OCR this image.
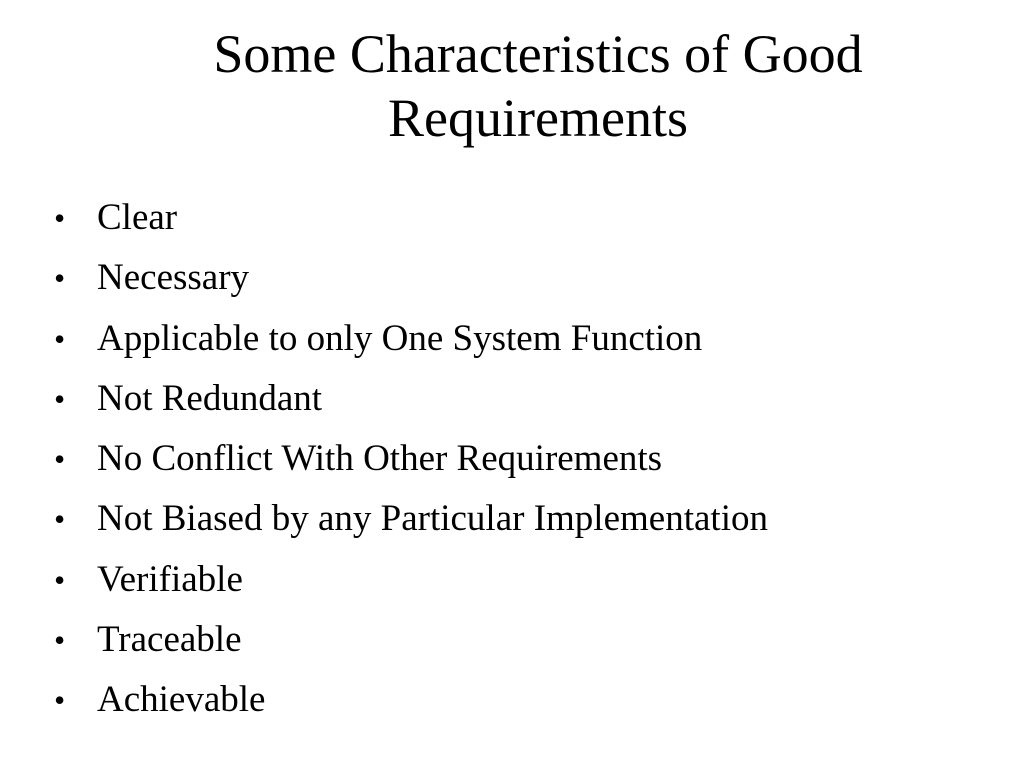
Some Characteristics of Good
Requirements
• Clear
• Necessary
• Applicable to only One System Function
• Not Redundant
• No Conflict With Other Requirements
• Not Biased by any Particular Implementation
• Verifiable
• Traceable
• Achievable
